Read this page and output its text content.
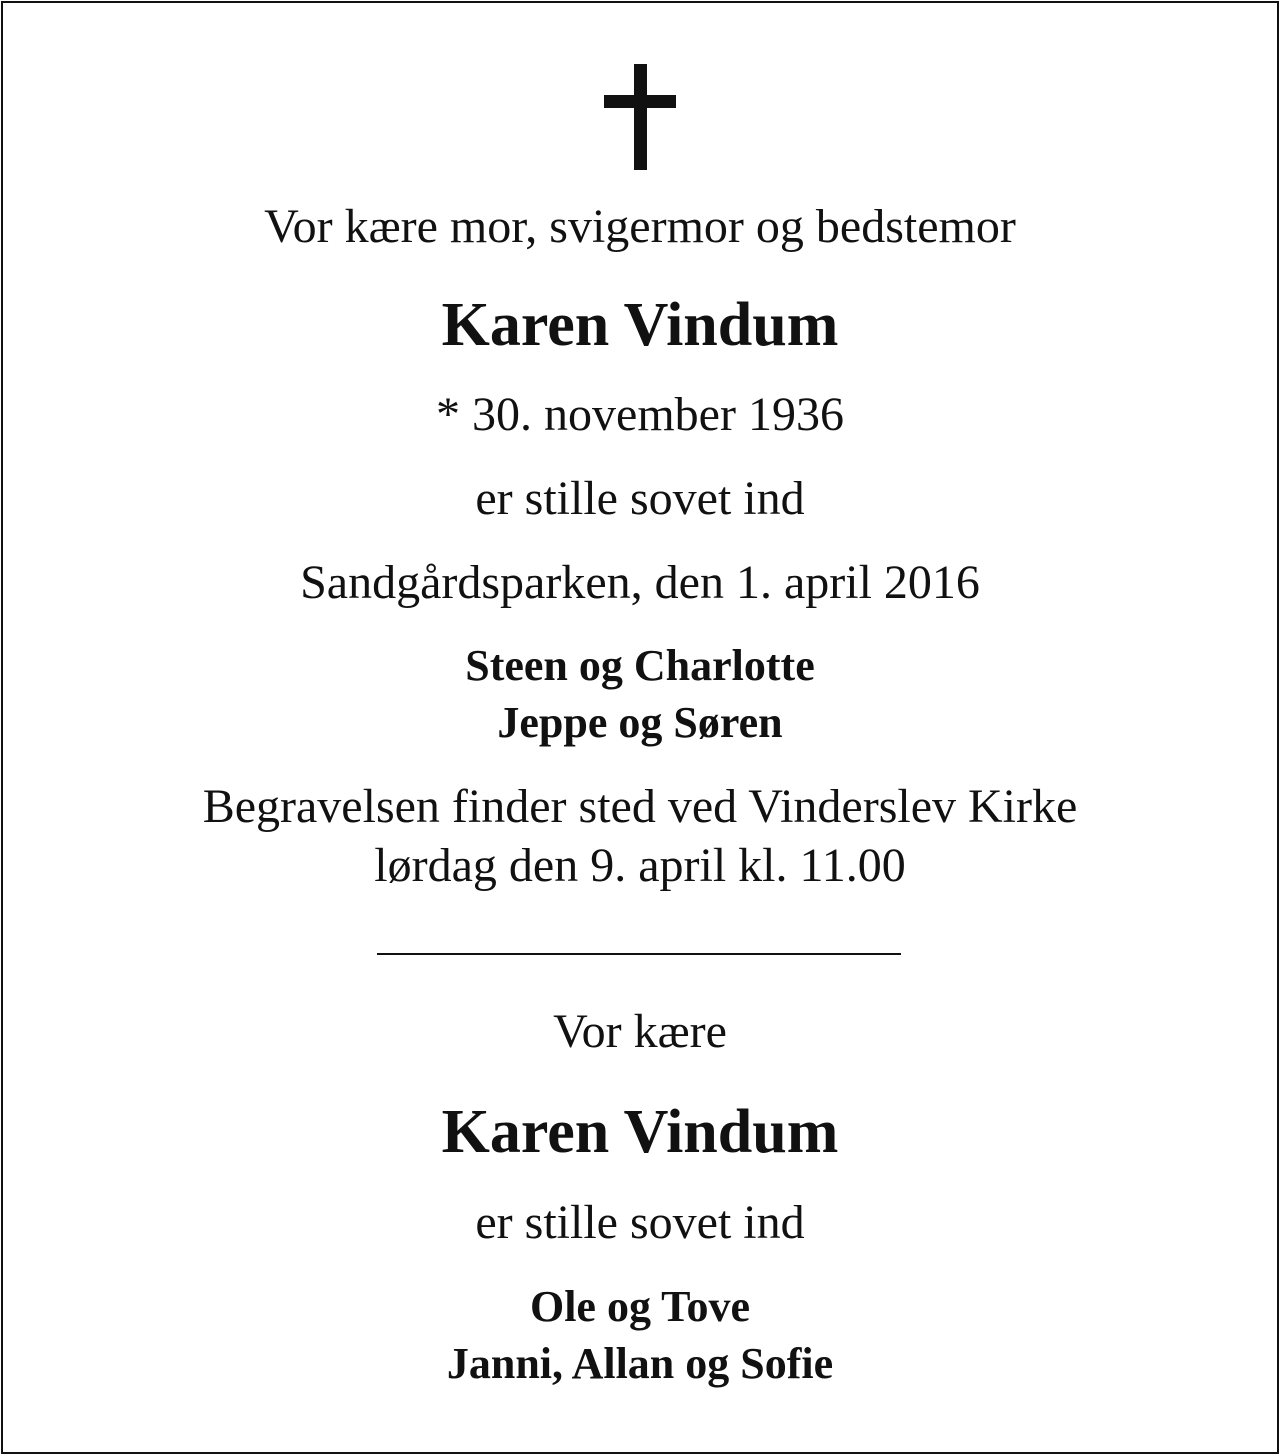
Vor kære mor, svigermor og bedstemor
Karen Vindum
* 30. november 1936
er stille sovet ind
Sandgårdsparken, den 1. april 2016
Steen og Charlotte
Jeppe og Søren
Begravelsen finder sted ved Vinderslev Kirke
lørdag den 9. april kl. 11.00
Vor kære
Karen Vindum
er stille sovet ind
Ole og Tove
Janni, Allan og Sofie
